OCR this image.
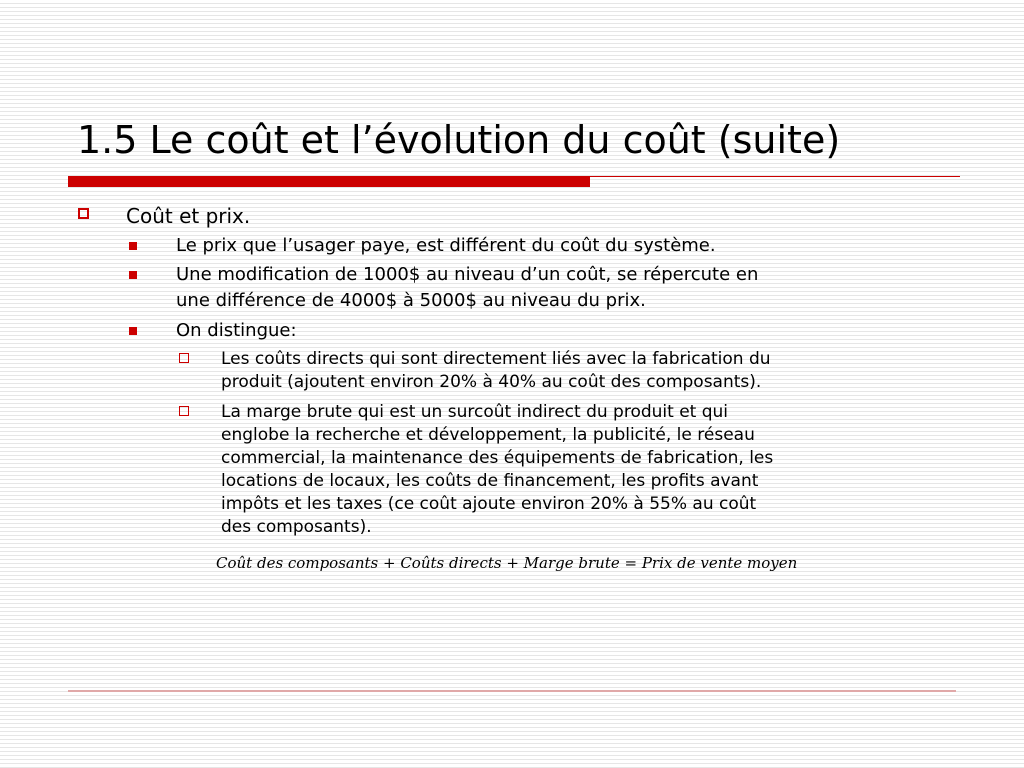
1.5 Le coût et l’évolution du coût (suite)
Coût et prix.
Le prix que l’usager paye, est différent du coût du système.
Une modification de 1000$ au niveau d’un coût, se répercute en
une différence de 4000$ à 5000$ au niveau du prix.
On distingue:
Les coûts directs qui sont directement liés avec la fabrication du
produit (ajoutent environ 20% à 40% au coût des composants).
La marge brute qui est un surcoût indirect du produit et qui
englobe la recherche et développement, la publicité, le réseau
commercial, la maintenance des équipements de fabrication, les
locations de locaux, les coûts de financement, les profits avant
impôts et les taxes (ce coût ajoute environ 20% à 55% au coût
des composants).
Coût des composants + Coûts directs + Marge brute = Prix de vente moyen
